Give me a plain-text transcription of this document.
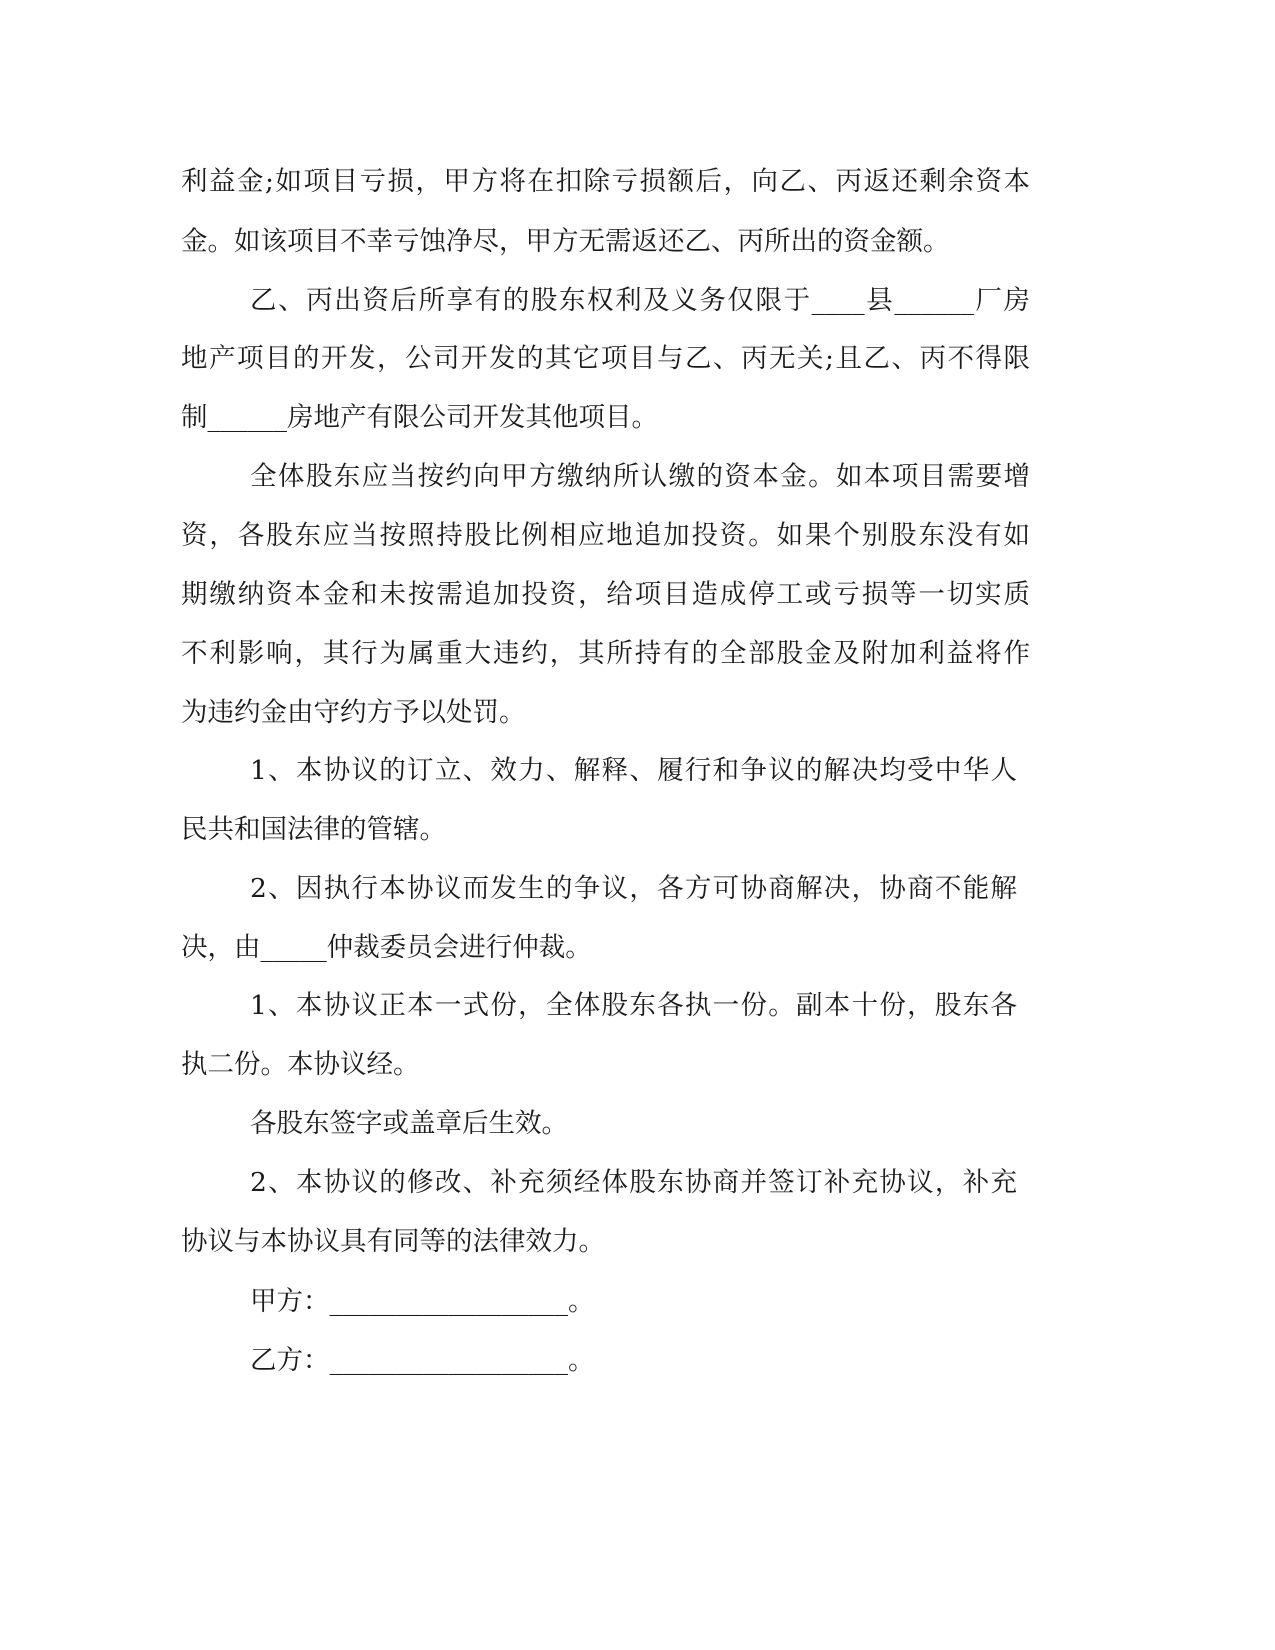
利益金;如项目亏损，甲方将在扣除亏损额后，向乙、丙返还剩余资本

金。如该项目不幸亏蚀净尽，甲方无需返还乙、丙所出的资金额。

乙、丙出资后所享有的股东权利及义务仅限于____县______厂房

地产项目的开发，公司开发的其它项目与乙、丙无关;且乙、丙不得限

制______房地产有限公司开发其他项目。

全体股东应当按约向甲方缴纳所认缴的资本金。如本项目需要增

资，各股东应当按照持股比例相应地追加投资。如果个别股东没有如

期缴纳资本金和未按需追加投资，给项目造成停工或亏损等一切实质

不利影响，其行为属重大违约，其所持有的全部股金及附加利益将作

为违约金由守约方予以处罚。

1、本协议的订立、效力、解释、履行和争议的解决均受中华人

民共和国法律的管辖。

2、因执行本协议而发生的争议，各方可协商解决，协商不能解

决，由_____仲裁委员会进行仲裁。

1、本协议正本一式份，全体股东各执一份。副本十份，股东各

执二份。本协议经。

各股东签字或盖章后生效。

2、本协议的修改、补充须经体股东协商并签订补充协议，补充

协议与本协议具有同等的法律效力。

甲方：__________________。

乙方：__________________。
